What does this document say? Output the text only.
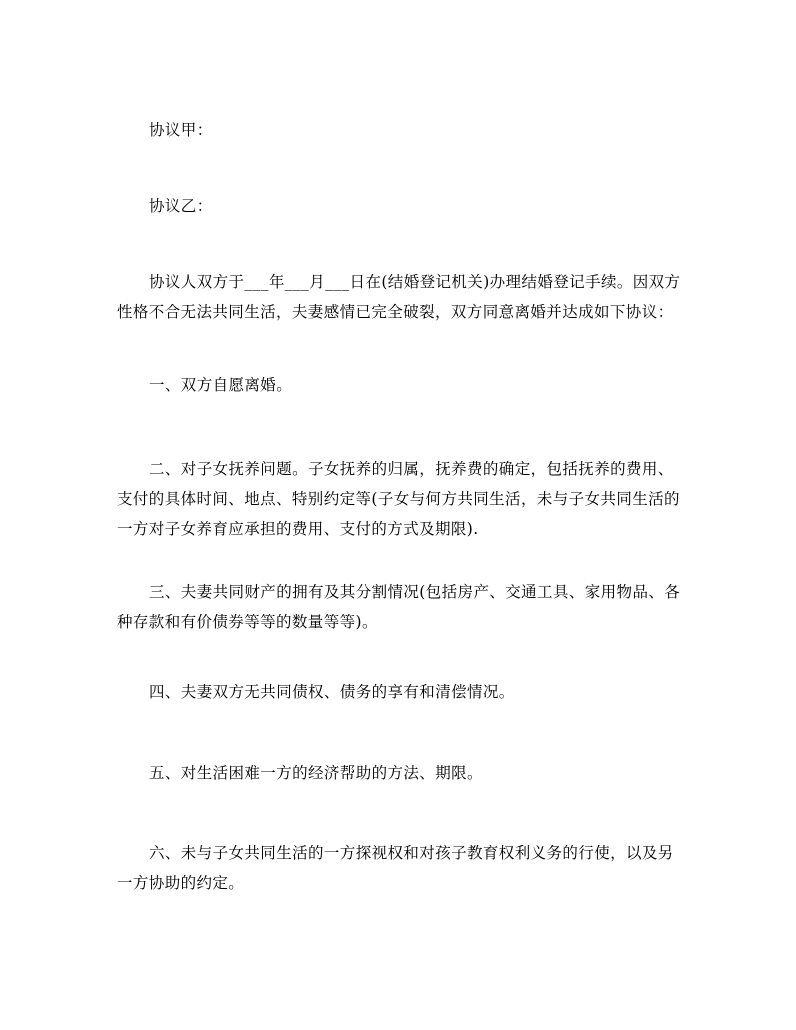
协议甲：

协议乙：

协议人双方于___年___月___日在(结婚登记机关)办理结婚登记手续。因双方性格不合无法共同生活，夫妻感情已完全破裂，双方同意离婚并达成如下协议：

一、双方自愿离婚。

二、对子女抚养问题。子女抚养的归属，抚养费的确定，包括抚养的费用、支付的具体时间、地点、特别约定等(子女与何方共同生活，未与子女共同生活的一方对子女养育应承担的费用、支付的方式及期限).

三、夫妻共同财产的拥有及其分割情况(包括房产、交通工具、家用物品、各种存款和有价债券等等的数量等等)。

四、夫妻双方无共同债权、债务的享有和清偿情况。

五、对生活困难一方的经济帮助的方法、期限。

六、未与子女共同生活的一方探视权和对孩子教育权利义务的行使，以及另一方协助的约定。
